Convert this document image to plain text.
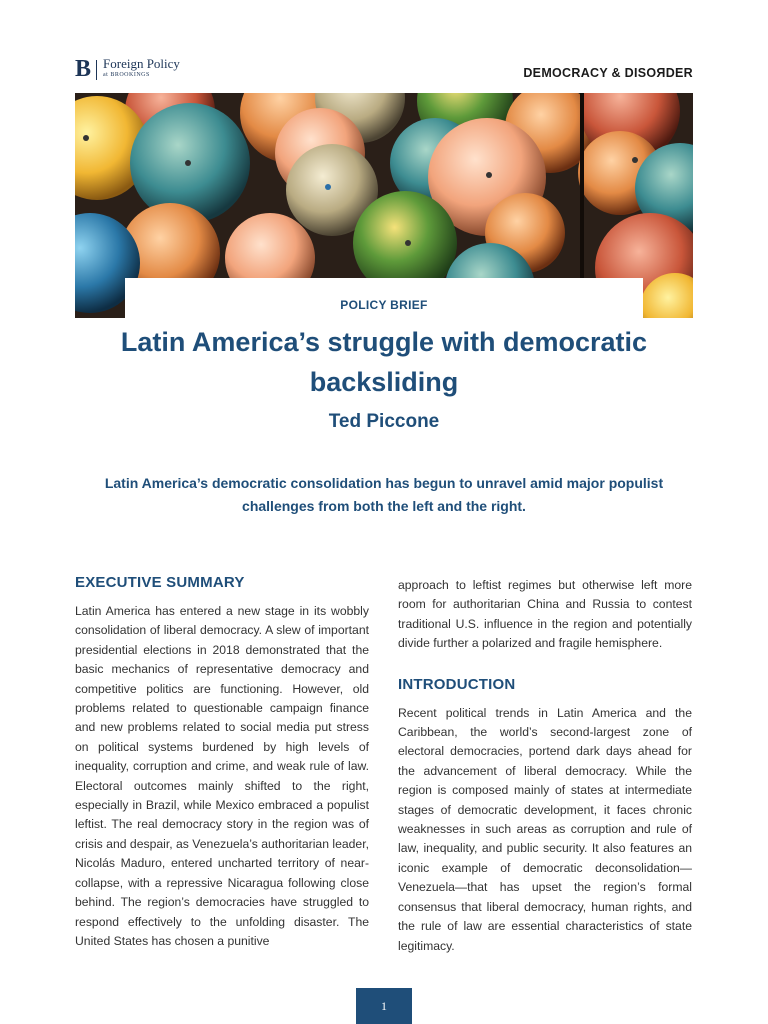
B Foreign Policy
at BROOKINGS	DEMOCRACY & DISOЯDER
POLICY BRIEF
Latin America’s struggle with democratic backsliding
Ted Piccone

Latin America’s democratic consolidation has begun to unravel amid major populist challenges from both the left and the right.

EXECUTIVE SUMMARY

Latin America has entered a new stage in its wobbly consolidation of liberal democracy. A slew of important presidential elections in 2018 demonstrated that the basic mechanics of representative democracy and competitive politics are functioning. However, old problems related to questionable campaign finance and new problems related to social media put stress on political systems burdened by high levels of inequality, corruption and crime, and weak rule of law. Electoral outcomes mainly shifted to the right, especially in Brazil, while Mexico embraced a populist leftist. The real democracy story in the region was of crisis and despair, as Venezuela’s authoritarian leader, Nicolás Maduro, entered uncharted territory of near-collapse, with a repressive Nicaragua following close behind. The region’s democracies have struggled to respond effectively to the unfolding disaster. The United States has chosen a punitive

approach to leftist regimes but otherwise left more room for authoritarian China and Russia to contest traditional U.S. influence in the region and potentially divide further a polarized and fragile hemisphere.

INTRODUCTION

Recent political trends in Latin America and the Caribbean, the world’s second-largest zone of electoral democracies, portend dark days ahead for the advancement of liberal democracy. While the region is composed mainly of states at intermediate stages of democratic development, it faces chronic weaknesses in such areas as corruption and rule of law, inequality, and public security. It also features an iconic example of democratic deconsolidation—Venezuela—that has upset the region’s formal consensus that liberal democracy, human rights, and the rule of law are essential characteristics of state legitimacy.

1
